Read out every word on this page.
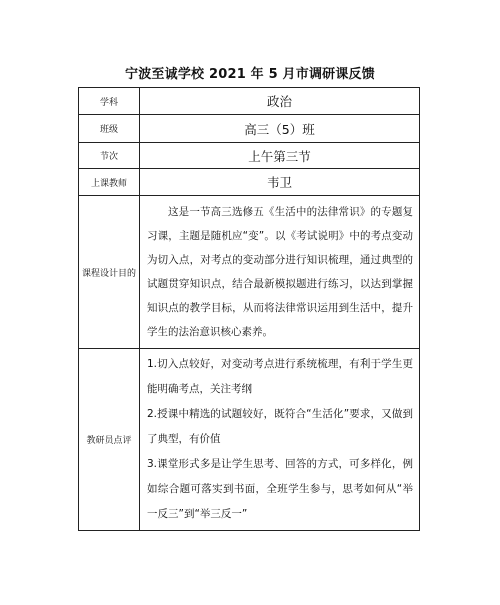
宁波至诚学校 2021 年 5 月市调研课反馈
学科	政治
班级	高三（5）班
节次	上午第三节
上课教师	韦卫
课程设计目的	这是一节高三选修五《生活中的法律常识》的专题复习课，主题是随机应“变”。以《考试说明》中的考点变动为切入点，对考点的变动部分进行知识梳理，通过典型的试题贯穿知识点，结合最新模拟题进行练习，以达到掌握知识点的教学目标，从而将法律常识运用到生活中，提升学生的法治意识核心素养。

教研员点评	1.切入点较好，对变动考点进行系统梳理，有利于学生更能明确考点，关注考纲
2.授课中精选的试题较好，既符合“生活化”要求，又做到了典型，有价值
3.课堂形式多是让学生思考、回答的方式，可多样化，例如综合题可落实到书面，全班学生参与，思考如何从“举一反三”到“举三反一”
